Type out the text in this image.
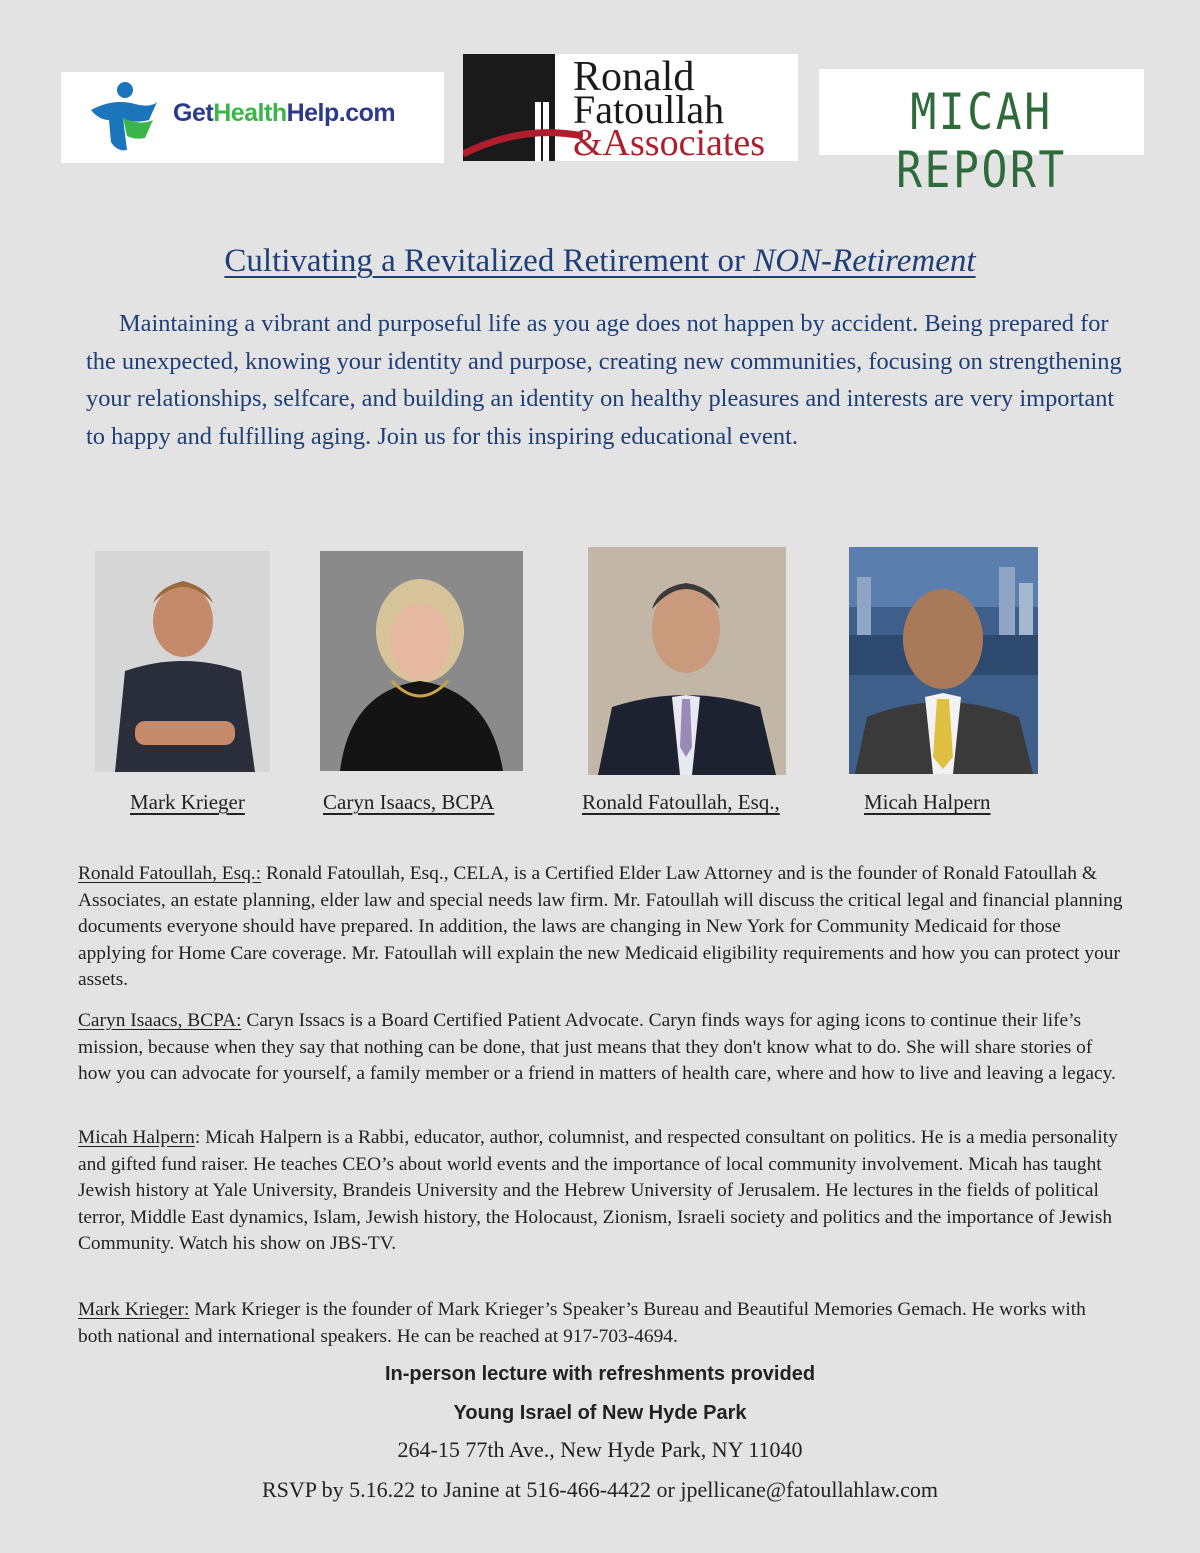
GetHealthHelp.com
Ronald
Fatoullah
&Associates
MICAH REPORT
Cultivating a Revitalized Retirement or NON-Retirement
Maintaining a vibrant and purposeful life as you age does not happen by accident. Being prepared for the unexpected, knowing your identity and purpose, creating new communities, focusing on strengthening your relationships, selfcare, and building an identity on healthy pleasures and interests are very important to happy and fulfilling aging. Join us for this inspiring educational event.
Mark Krieger	Caryn Isaacs, BCPA	Ronald Fatoullah, Esq.,	Micah Halpern
Ronald Fatoullah, Esq.: Ronald Fatoullah, Esq., CELA, is a Certified Elder Law Attorney and is the founder of Ronald Fatoullah & Associates, an estate planning, elder law and special needs law firm. Mr. Fatoullah will discuss the critical legal and financial planning documents everyone should have prepared. In addition, the laws are changing in New York for Community Medicaid for those applying for Home Care coverage. Mr. Fatoullah will explain the new Medicaid eligibility requirements and how you can protect your assets.
Caryn Isaacs, BCPA: Caryn Issacs is a Board Certified Patient Advocate. Caryn finds ways for aging icons to continue their life’s mission, because when they say that nothing can be done, that just means that they don't know what to do. She will share stories of how you can advocate for yourself, a family member or a friend in matters of health care, where and how to live and leaving a legacy.
Micah Halpern: Micah Halpern is a Rabbi, educator, author, columnist, and respected consultant on politics. He is a media personality and gifted fund raiser. He teaches CEO’s about world events and the importance of local community involvement. Micah has taught Jewish history at Yale University, Brandeis University and the Hebrew University of Jerusalem. He lectures in the fields of political terror, Middle East dynamics, Islam, Jewish history, the Holocaust, Zionism, Israeli society and politics and the importance of Jewish Community. Watch his show on JBS-TV.
Mark Krieger: Mark Krieger is the founder of Mark Krieger’s Speaker’s Bureau and Beautiful Memories Gemach. He works with both national and international speakers. He can be reached at 917-703-4694.
In-person lecture with refreshments provided
Young Israel of New Hyde Park
264-15 77th Ave., New Hyde Park, NY 11040
RSVP by 5.16.22 to Janine at 516-466-4422 or jpellicane@fatoullahlaw.com
